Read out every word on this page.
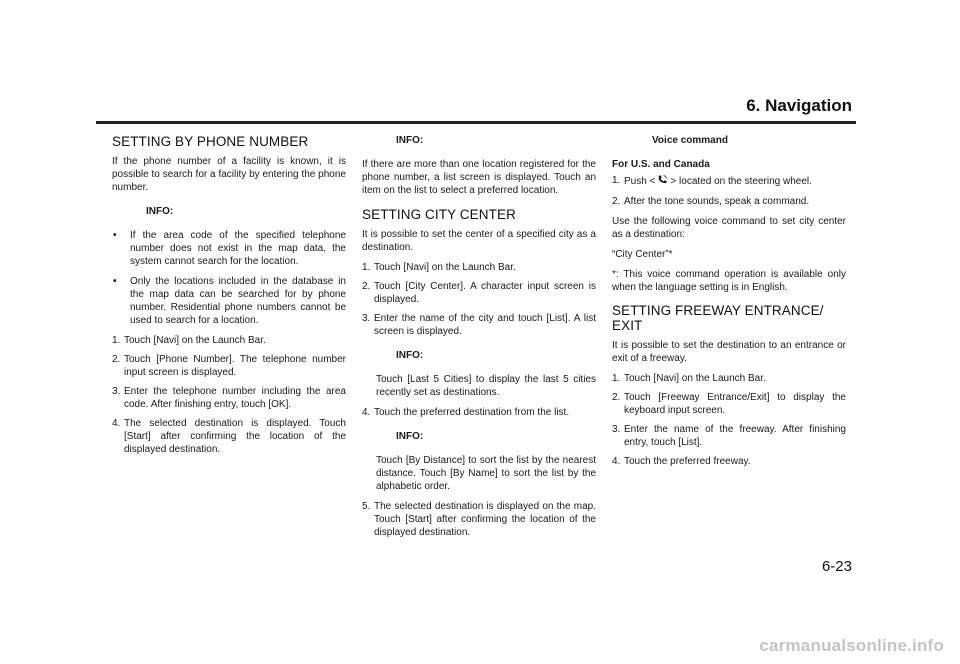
6. Navigation
SETTING BY PHONE NUMBER

If the phone number of a facility is known, it is possible to search for a facility by entering the phone number.

INFO:
• If the area code of the specified telephone number does not exist in the map data, the system cannot search for the location.
• Only the locations included in the database in the map data can be searched for by phone number. Residential phone numbers cannot be used to search for a location.
1. Touch [Navi] on the Launch Bar.
2. Touch [Phone Number]. The telephone number input screen is displayed.
3. Enter the telephone number including the area code. After finishing entry, touch [OK].
4. The selected destination is displayed. Touch [Start] after confirming the location of the displayed destination.
INFO:

If there are more than one location registered for the phone number, a list screen is displayed. Touch an item on the list to select a preferred location.

SETTING CITY CENTER

It is possible to set the center of a specified city as a destination.

1. Touch [Navi] on the Launch Bar.
2. Touch [City Center]. A character input screen is displayed.
3. Enter the name of the city and touch [List]. A list screen is displayed.
INFO:

Touch [Last 5 Cities] to display the last 5 cities recently set as destinations.

4. Touch the preferred destination from the list.
INFO:

Touch [By Distance] to sort the list by the nearest distance. Touch [By Name] to sort the list by the alphabetic order.

5. The selected destination is displayed on the map. Touch [Start] after confirming the location of the displayed destination.
Voice command
For U.S. and Canada
1. Push < > located on the steering wheel.
2. After the tone sounds, speak a command.

Use the following voice command to set city center as a destination:

“City Center”*

*: This voice command operation is available only when the language setting is in English.

SETTING FREEWAY ENTRANCE/ EXIT

It is possible to set the destination to an entrance or exit of a freeway.

1. Touch [Navi] on the Launch Bar.
2. Touch [Freeway Entrance/Exit] to display the keyboard input screen.
3. Enter the name of the freeway. After finishing entry, touch [List].
4. Touch the preferred freeway.
6-23
carmanualsonline.info
